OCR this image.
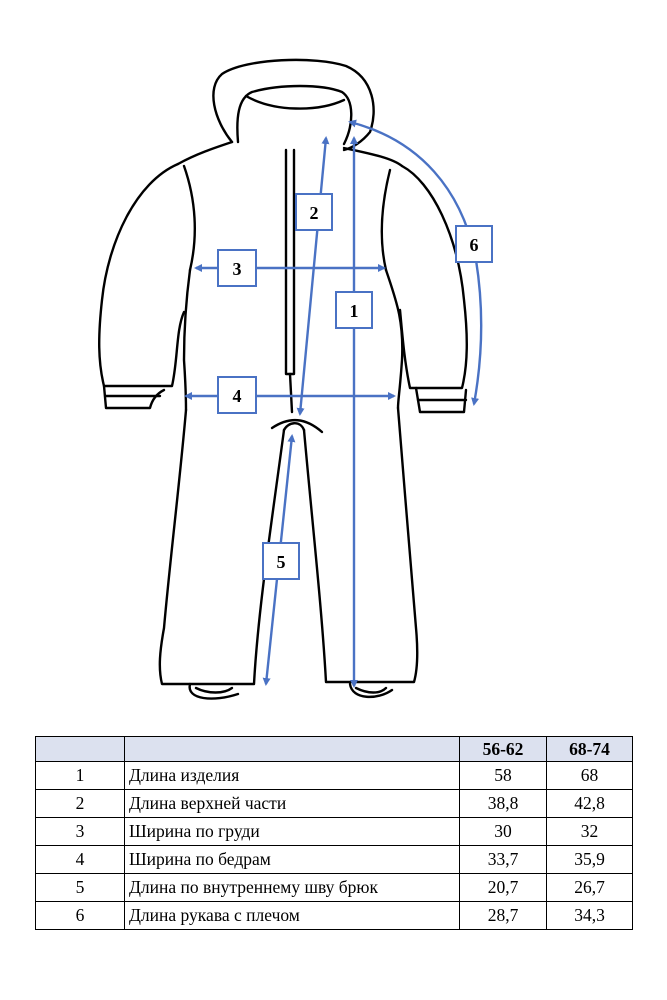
1
2
3
4
5
6
		56-62	68-74
1	Длина изделия	58	68
2	Длина верхней части	38,8	42,8
3	Ширина по груди	30	32
4	Ширина по бедрам	33,7	35,9
5	Длина по внутреннему шву брюк	20,7	26,7
6	Длина рукава с плечом	28,7	34,3
